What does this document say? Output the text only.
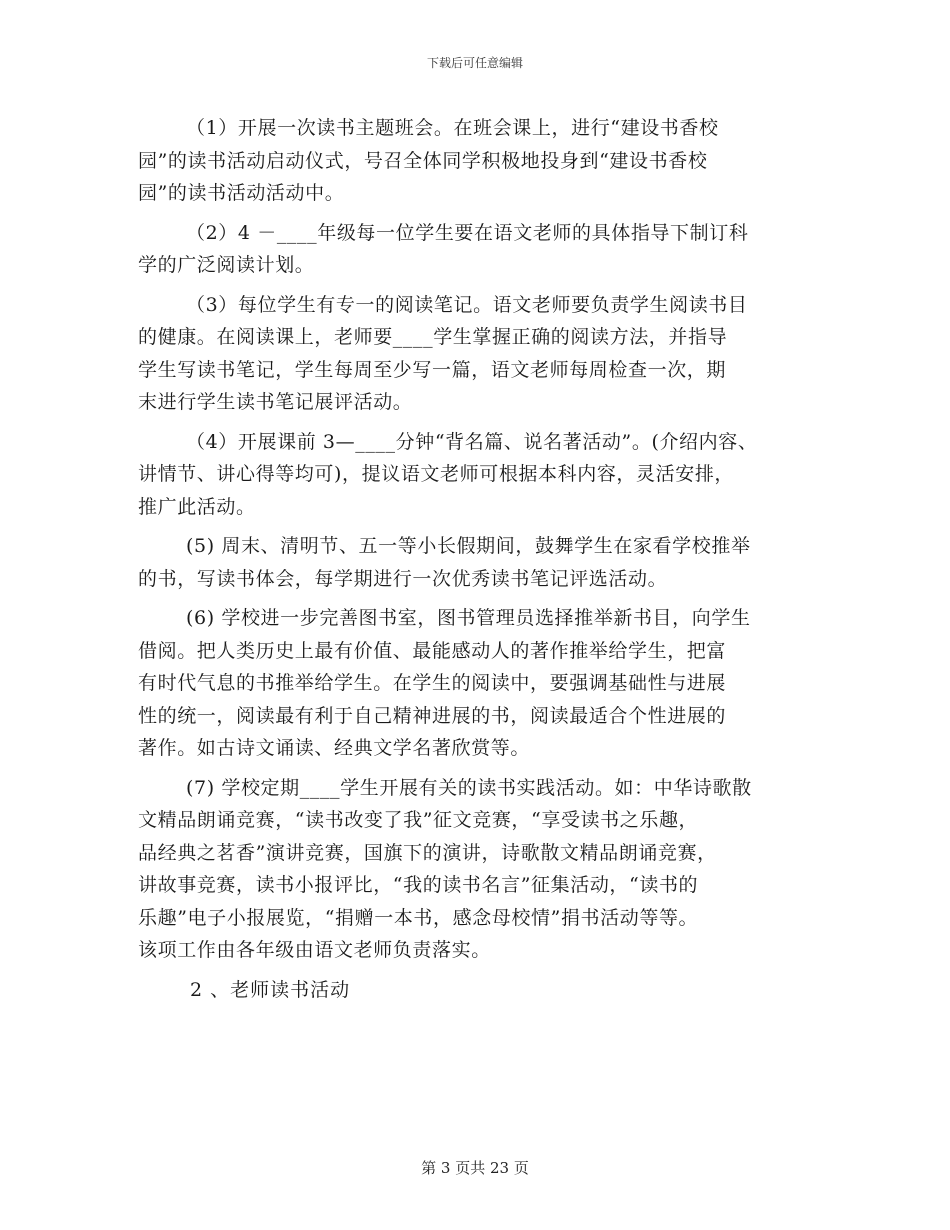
下载后可任意编辑
（1）开展一次读书主题班会。在班会课上，进行“建设书香校
园”的读书活动启动仪式，号召全体同学积极地投身到“建设书香校
园”的读书活动活动中。
（2）4 －____年级每一位学生要在语文老师的具体指导下制订科
学的广泛阅读计划。
（3）每位学生有专一的阅读笔记。语文老师要负责学生阅读书目
的健康。在阅读课上，老师要____学生掌握正确的阅读方法，并指导
学生写读书笔记，学生每周至少写一篇，语文老师每周检查一次，期
末进行学生读书笔记展评活动。
（4）开展课前 3—____分钟“背名篇、说名著活动”。(介绍内容、
讲情节、讲心得等均可)，提议语文老师可根据本科内容，灵活安排，
推广此活动。
(5) 周末、清明节、五一等小长假期间，鼓舞学生在家看学校推举
的书，写读书体会，每学期进行一次优秀读书笔记评选活动。
(6) 学校进一步完善图书室，图书管理员选择推举新书目，向学生
借阅。把人类历史上最有价值、最能感动人的著作推举给学生，把富
有时代气息的书推举给学生。在学生的阅读中，要强调基础性与进展
性的统一，阅读最有利于自己精神进展的书，阅读最适合个性进展的
著作。如古诗文诵读、经典文学名著欣赏等。
(7) 学校定期____学生开展有关的读书实践活动。如：中华诗歌散
文精品朗诵竞赛，“读书改变了我”征文竞赛，“享受读书之乐趣，
品经典之茗香”演讲竞赛，国旗下的演讲，诗歌散文精品朗诵竞赛，
讲故事竞赛，读书小报评比，“我的读书名言”征集活动，“读书的
乐趣”电子小报展览，“捐赠一本书，感念母校情”捐书活动等等。
该项工作由各年级由语文老师负责落实。
2 、老师读书活动
第 3 页共 23 页
